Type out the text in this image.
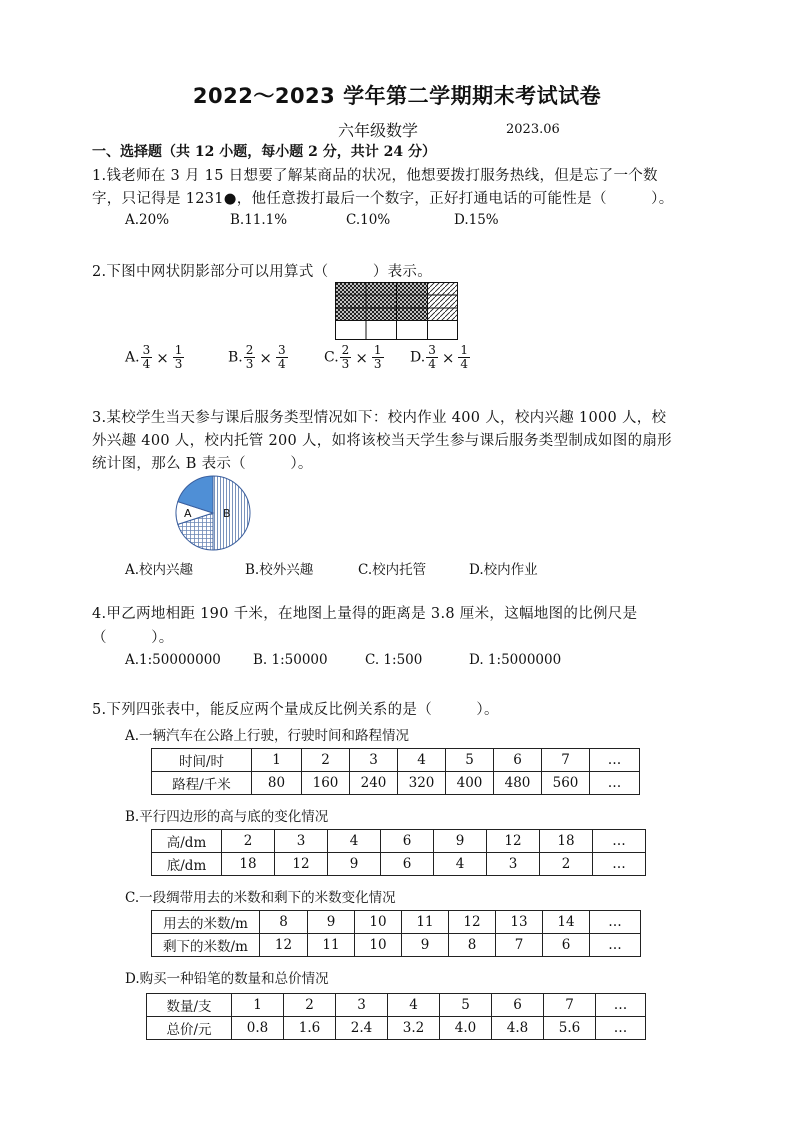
2022～2023 学年第二学期期末考试试卷
六年级数学	2023.06
一、选择题（共 12 小题，每小题 2 分，共计 24 分）
1.钱老师在 3 月 15 日想要了解某商品的状况，他想要拨打服务热线，但是忘了一个数
字，只记得是 1231●，他任意拨打最后一个数字，正好打通电话的可能性是（　　　）。
A.20%	B.11.1%	C.10%	D.15%
2.下图中网状阴影部分可以用算式（　　　）表示。
A. $\frac{3}{4} \times \frac{1}{3}$	B. $\frac{2}{3} \times \frac{3}{4}$	C. $\frac{2}{3} \times \frac{1}{3} D$. $\frac{3}{4} \times \frac{1}{4}$
3.某校学生当天参与课后服务类型情况如下：校内作业 400 人，校内兴趣 1000 人，校
外兴趣 400 人，校内托管 200 人，如将该校当天学生参与课后服务类型制成如图的扇形
统计图，那么 B 表示（　　　）。
A	B
A.校内兴趣	B.校外兴趣	C.校内托管	D.校内作业
4.甲乙两地相距 190 千米，在地图上量得的距离是 3.8 厘米，这幅地图的比例尺是
（　　　）。
A.1:50000000 B. 1:50000	C. 1:500	D. 1:5000000
5.下列四张表中，能反应两个量成反比例关系的是（　　　）。
A.一辆汽车在公路上行驶，行驶时间和路程情况
时间/时	1	2	3	4	5	6	7	…
路程/千米	80	160	240	320	400	480	560	…
B.平行四边形的高与底的变化情况
高/dm	2	3	4	6	9	12	18	…
底/dm	18	12	9	6	4	3	2	…
C.一段绸带用去的米数和剩下的米数变化情况
用去的米数/m	8	9	10	11	12	13	14	…
剩下的米数/m	12	11	10	9	8	7	6	…
D.购买一种铅笔的数量和总价情况
数量/支	1	2	3	4	5	6	7	…
总价/元	0.8	1.6	2.4	3.2	4.0	4.8	5.6	…
